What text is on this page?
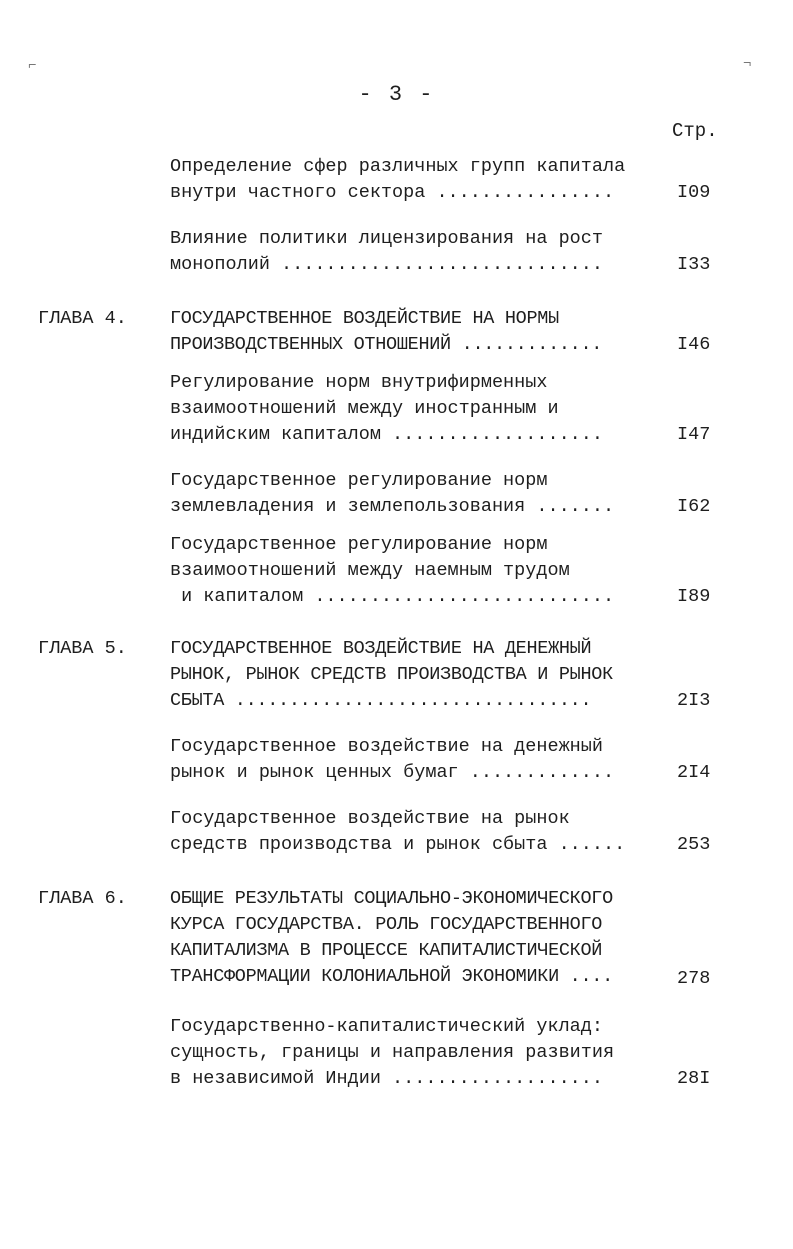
⌐	¬
- 3 -
Стр.
Определение сфер различных групп капитала
внутри частного сектора ................	I09
Влияние политики лицензирования на рост
монополий .............................	I33
ГЛАВА 4. ГОСУДАРСТВЕННОЕ ВОЗДЕЙСТВИЕ НА НОРМЫ
ПРОИЗВОДСТВЕННЫХ ОТНОШЕНИЙ .............	I46
Регулирование норм внутрифирменных
взаимоотношений между иностранным и
индийским капиталом ...................	I47
Государственное регулирование норм
землевладения и землепользования .......	I62
Государственное регулирование норм
взаимоотношений между наемным трудом
и капиталом ...........................	I89
ГЛАВА 5. ГОСУДАРСТВЕННОЕ ВОЗДЕЙСТВИЕ НА ДЕНЕЖНЫЙ
РЫНОК, РЫНОК СРЕДСТВ ПРОИЗВОДСТВА И РЫНОК
СБЫТА .................................	2I3
Государственное воздействие на денежный
рынок и рынок ценных бумаг .............	2I4
Государственное воздействие на рынок
средств производства и рынок сбыта ......	253
ГЛАВА 6. ОБЩИЕ РЕЗУЛЬТАТЫ СОЦИАЛЬНО-ЭКОНОМИЧЕСКОГО
КУРСА ГОСУДАРСТВА. РОЛЬ ГОСУДАРСТВЕННОГО
КАПИТАЛИЗМА В ПРОЦЕССЕ КАПИТАЛИСТИЧЕСКОЙ
ТРАНСФОРМАЦИИ КОЛОНИАЛЬНОЙ ЭКОНОМИКИ ....	278
Государственно-капиталистический уклад:
сущность, границы и направления развития
в независимой Индии ...................	28I
